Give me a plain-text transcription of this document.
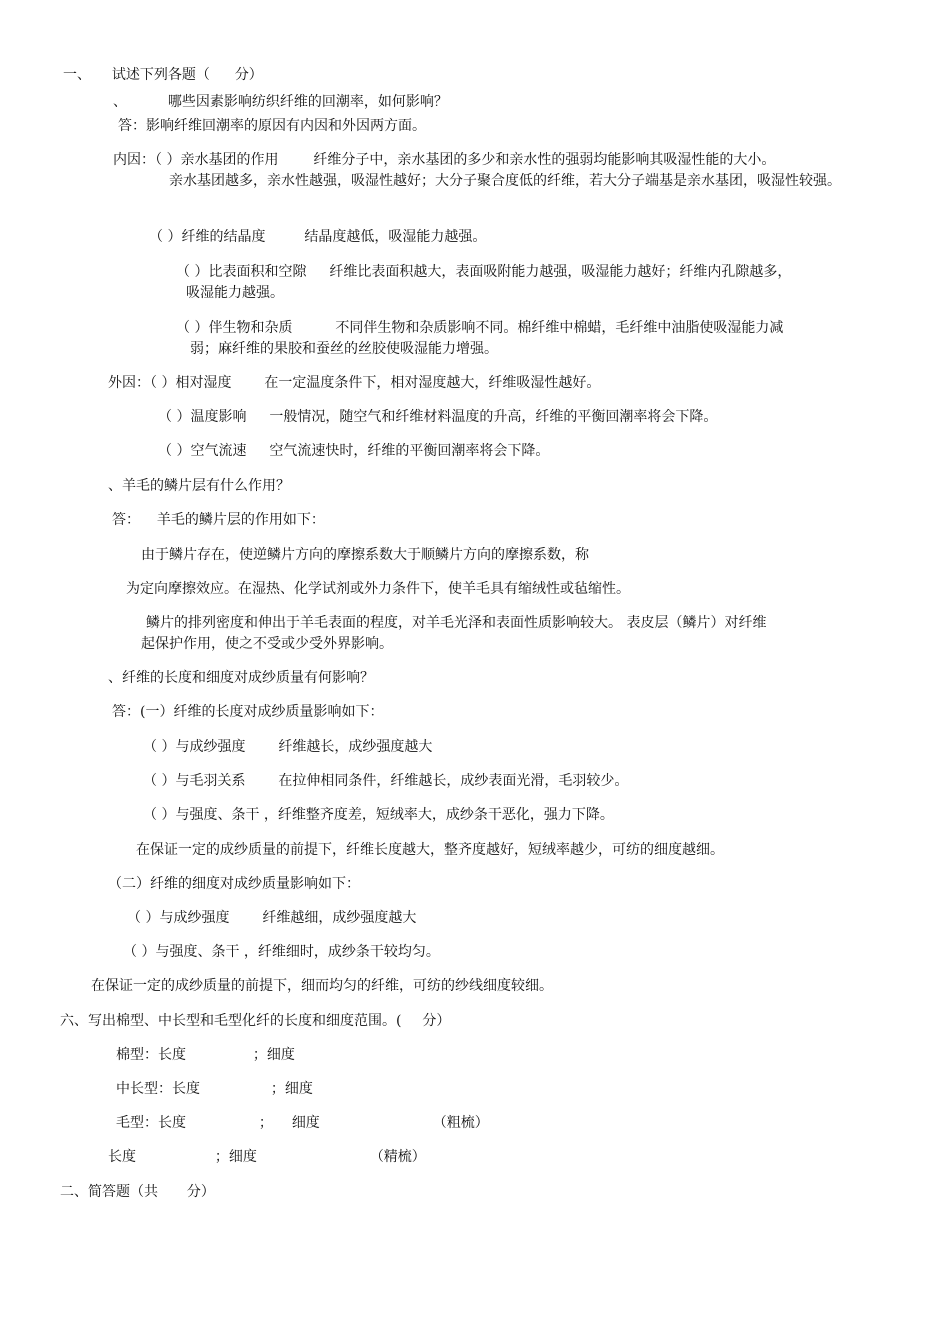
一、 试述下列各题（ 分）
、	哪些因素影响纺织纤维的回潮率，如何影响？
答：影响纤维回潮率的原因有内因和外因两方面。
内因：（ ）亲水基团的作用 纤维分子中，亲水基团的多少和亲水性的强弱均能影响其吸湿性能的大小。
亲水基团越多，亲水性越强，吸湿性越好；大分子聚合度低的纤维，若大分子端基是亲水基团，吸湿性较强。
（ ）纤维的结晶度	结晶度越低，吸湿能力越强。
（ ）比表面积和空隙 纤维比表面积越大，表面吸附能力越强，吸湿能力越好；纤维内孔隙越多，
吸湿能力越强。
（ ）伴生物和杂质	不同伴生物和杂质影响不同。棉纤维中棉蜡，毛纤维中油脂使吸湿能力减
弱；麻纤维的果胶和蚕丝的丝胶使吸湿能力增强。
外因：（ ）相对湿度 在一定温度条件下，相对湿度越大，纤维吸湿性越好。
（ ）温度影响 一般情况，随空气和纤维材料温度的升高，纤维的平衡回潮率将会下降。
（ ）空气流速 空气流速快时，纤维的平衡回潮率将会下降。
、羊毛的鳞片层有什么作用？
答： 羊毛的鳞片层的作用如下：
由于鳞片存在，使逆鳞片方向的摩擦系数大于顺鳞片方向的摩擦系数，称
为定向摩擦效应。在湿热、化学试剂或外力条件下，使羊毛具有缩绒性或毡缩性。
鳞片的排列密度和伸出于羊毛表面的程度，对羊毛光泽和表面性质影响较大。 表皮层（鳞片）对纤维
起保护作用，使之不受或少受外界影响。
、纤维的长度和细度对成纱质量有何影响？
答：(一）纤维的长度对成纱质量影响如下：
（ ）与成纱强度 纤维越长，成纱强度越大
（ ）与毛羽关系 在拉伸相同条件，纤维越长，成纱表面光滑，毛羽较少。
（ ）与强度、条干 ，纤维整齐度差，短绒率大，成纱条干恶化，强力下降。
在保证一定的成纱质量的前提下，纤维长度越大，整齐度越好，短绒率越少，可纺的细度越细。
（二）纤维的细度对成纱质量影响如下：
（ ）与成纱强度 纤维越细，成纱强度越大
（ ）与强度、条干 ，纤维细时，成纱条干较均匀。
在保证一定的成纱质量的前提下，细而均匀的纤维，可纺的纱线细度较细。
六、写出棉型、中长型和毛型化纤的长度和细度范围。( 分）
棉型：长度	；细度
中长型：长度	；细度
毛型：长度	； 细度	（粗梳）
长度	；细度	（精梳）
二、简答题（共 分）
